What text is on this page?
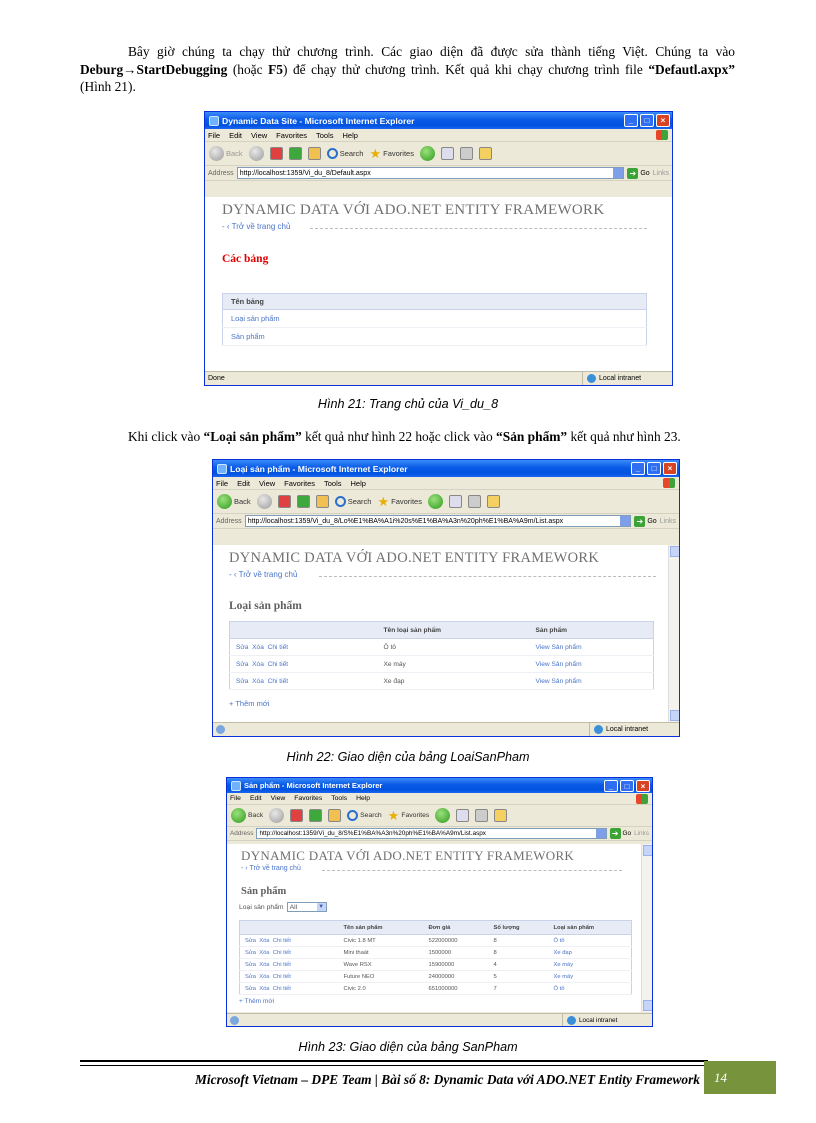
Bây giờ chúng ta chạy thử chương trình. Các giao diện đã được sửa thành tiếng Việt. Chúng ta vào Deburg→StartDebugging (hoặc F5) để chạy thử chương trình. Kết quả khi chạy chương trình file “Defautl.axpx” (Hình 21).

Dynamic Data Site - Microsoft Internet Explorer	_	□	×
File Edit View Favorites Tools Help
Back	Search ★ Favorites
Address http://localhost:1359/Vi_du_8/Default.aspx	➔ Go Links
DYNAMIC DATA VỚI ADO.NET ENTITY FRAMEWORK
- ‹ Trở về trang chủ
Các bảng
Tên bảng
Loại sản phẩm
Sản phẩm
Done	Local intranet
Hình 21: Trang chủ của Vi_du_8
Khi click vào “Loại sản phẩm” kết quả như hình 22 hoặc click vào “Sản phẩm” kết quả như hình 23.
Loại sản phẩm - Microsoft Internet Explorer	_	□	×
File Edit View Favorites Tools Help
Back	Search ★ Favorites
Address http://localhost:1359/Vi_du_8/Lo%E1%BA%A1i%20s%E1%BA%A3n%20ph%E1%BA%A9m/List.aspx	➔ Go Links
DYNAMIC DATA VỚI ADO.NET ENTITY FRAMEWORK
- ‹ Trở về trang chủ
Loại sản phẩm
	Tên loại sản phẩm	Sản phẩm
Sửa Xóa Chi tiết	Ô tô	View Sản phẩm
Sửa Xóa Chi tiết	Xe máy	View Sản phẩm
Sửa Xóa Chi tiết	Xe đạp	View Sản phẩm
+ Thêm mới
Local intranet
Hình 22: Giao diện của bảng LoaiSanPham
Sản phẩm - Microsoft Internet Explorer	_	□	×
File Edit View Favorites Tools Help
Back	Search ★ Favorites
Address http://localhost:1359/Vi_du_8/S%E1%BA%A3n%20ph%E1%BA%A9m/List.aspx	➔ Go Links
DYNAMIC DATA VỚI ADO.NET ENTITY FRAMEWORK
- ‹ Trở về trang chủ
Sản phẩm
Loại sản phẩm All	▼
	Tên sản phẩm	Đơn giá	Số lượng	Loại sản phẩm
Sửa Xóa Chi tiết	Civic 1.8 MT	522000000	8	Ô tô
Sửa Xóa Chi tiết	Mini thaát	1500000	8	Xe đạp
Sửa Xóa Chi tiết	Wave RSX	15900000	4	Xe máy
Sửa Xóa Chi tiết	Future NEO	24000000	5	Xe máy
Sửa Xóa Chi tiết	Civic 2.0	651000000	7	Ô tô
+ Thêm mới
Local intranet
Hình 23: Giao diện của bảng SanPham
Microsoft Vietnam – DPE Team | Bài số 8: Dynamic Data với ADO.NET Entity Framework	14
